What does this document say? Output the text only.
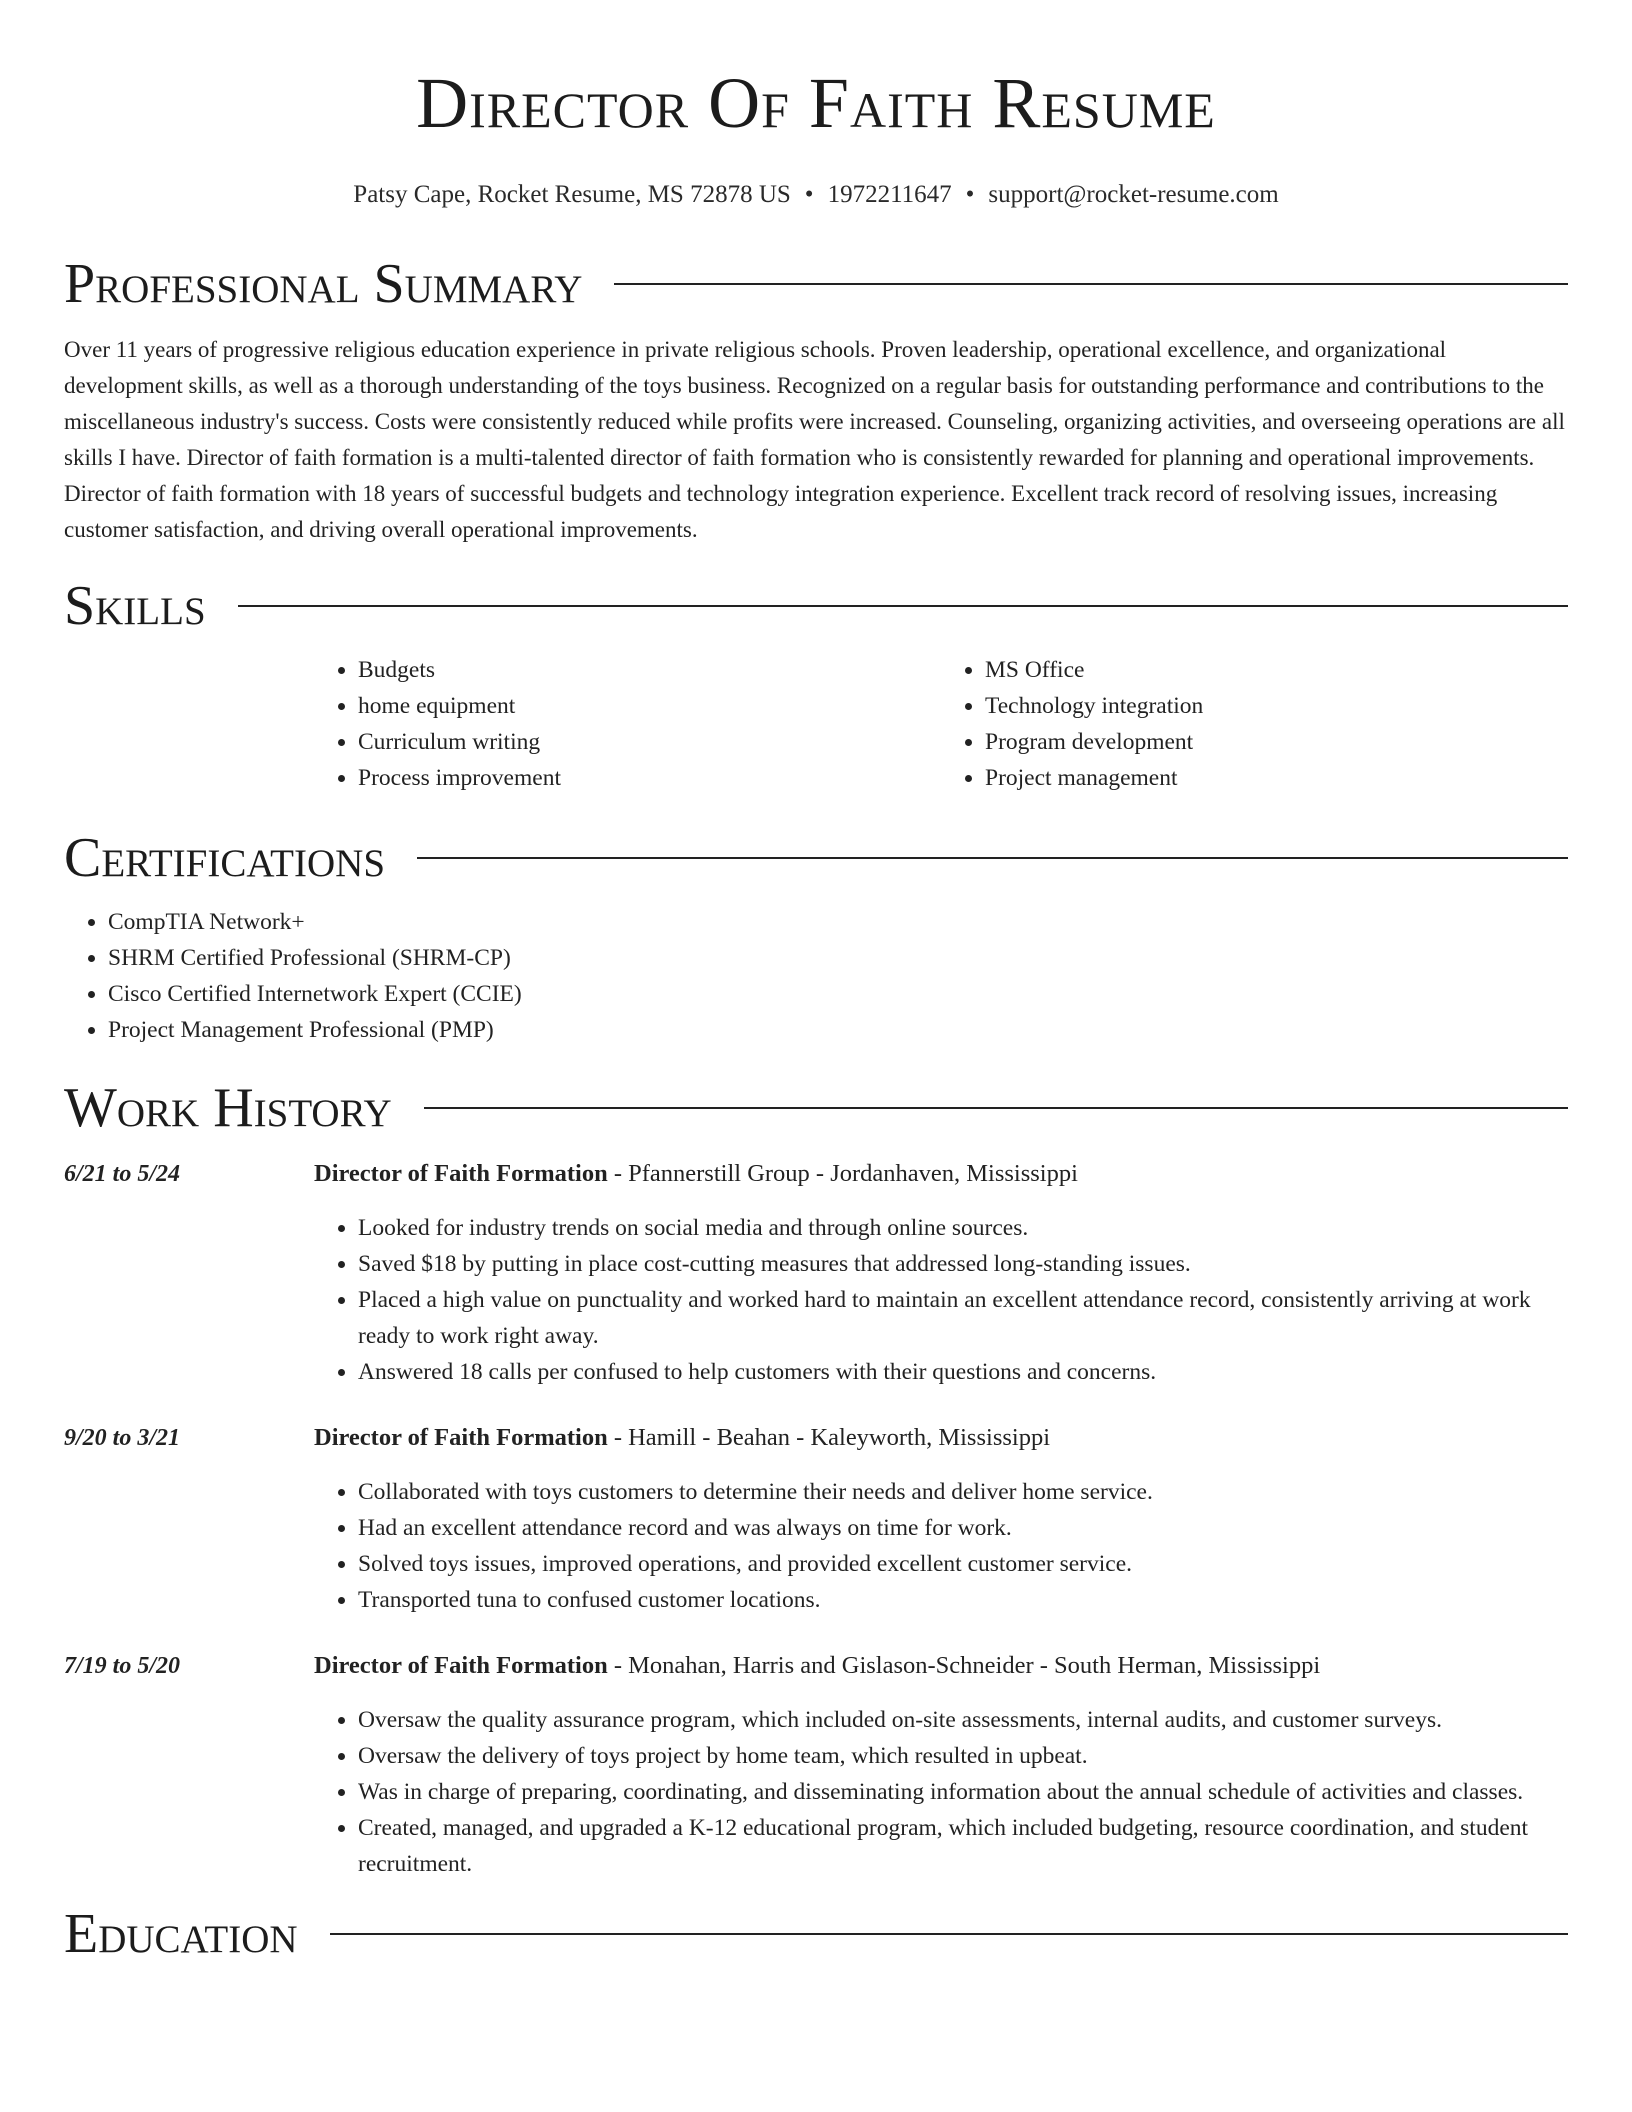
Director Of Faith Resume
Patsy Cape, Rocket Resume, MS 72878 US • 1972211647 • support@rocket-resume.com
Professional Summary

Over 11 years of progressive religious education experience in private religious schools. Proven leadership, operational excellence, and organizational development skills, as well as a thorough understanding of the toys business. Recognized on a regular basis for outstanding performance and contributions to the miscellaneous industry's success. Costs were consistently reduced while profits were increased. Counseling, organizing activities, and overseeing operations are all skills I have. Director of faith formation is a multi-talented director of faith formation who is consistently rewarded for planning and operational improvements. Director of faith formation with 18 years of successful budgets and technology integration experience. Excellent track record of resolving issues, increasing customer satisfaction, and driving overall operational improvements.

Skills
• Budgets
• home equipment
• Curriculum writing
• Process improvement
• MS Office
• Technology integration
• Program development
• Project management
Certifications
• CompTIA Network+
• SHRM Certified Professional (SHRM-CP)
• Cisco Certified Internetwork Expert (CCIE)
• Project Management Professional (PMP)
Work History
6/21 to 5/24	Director of Faith Formation - Pfannerstill Group - Jordanhaven, Mississippi
• Looked for industry trends on social media and through online sources.
• Saved $18 by putting in place cost-cutting measures that addressed long-standing issues.
• Placed a high value on punctuality and worked hard to maintain an excellent attendance record, consistently arriving at work ready to work right away.
• Answered 18 calls per confused to help customers with their questions and concerns.
9/20 to 3/21	Director of Faith Formation - Hamill - Beahan - Kaleyworth, Mississippi
• Collaborated with toys customers to determine their needs and deliver home service.
• Had an excellent attendance record and was always on time for work.
• Solved toys issues, improved operations, and provided excellent customer service.
• Transported tuna to confused customer locations.
7/19 to 5/20	Director of Faith Formation - Monahan, Harris and Gislason-Schneider - South Herman, Mississippi
• Oversaw the quality assurance program, which included on-site assessments, internal audits, and customer surveys.
• Oversaw the delivery of toys project by home team, which resulted in upbeat.
• Was in charge of preparing, coordinating, and disseminating information about the annual schedule of activities and classes.
• Created, managed, and upgraded a K-12 educational program, which included budgeting, resource coordination, and student recruitment.
Education
